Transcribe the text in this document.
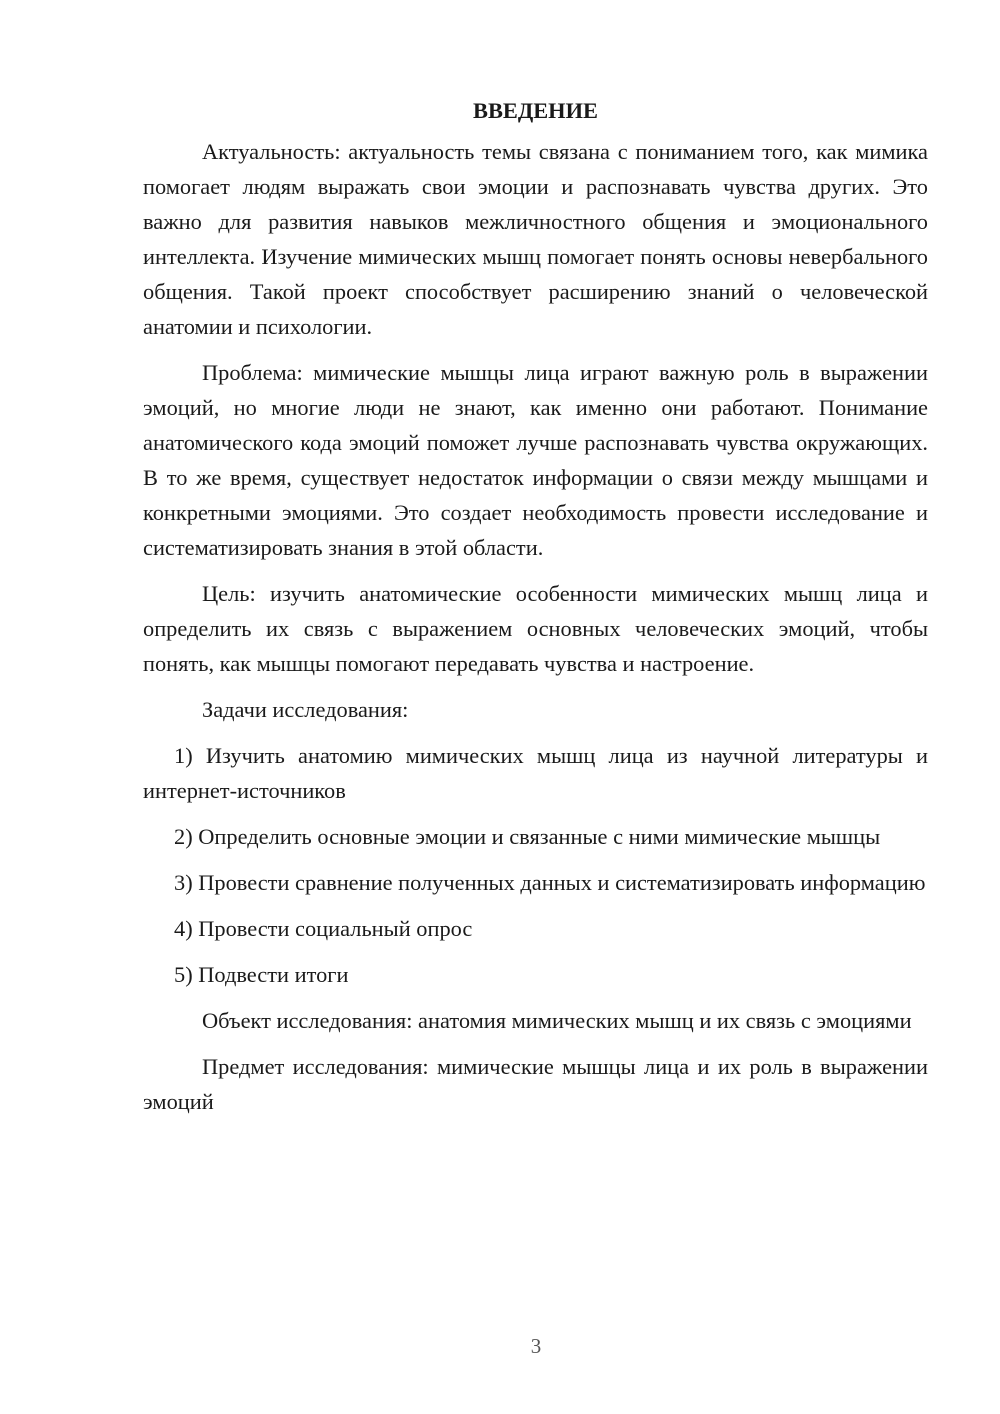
ВВЕДЕНИЕ

Актуальность: актуальность темы связана с пониманием того, как мимика помогает людям выражать свои эмоции и распознавать чувства других. Это важно для развития навыков межличностного общения и эмоционального интеллекта. Изучение мимических мышц помогает понять основы невербального общения. Такой проект способствует расширению знаний о человеческой анатомии и психологии.

Проблема: мимические мышцы лица играют важную роль в выражении эмоций, но многие люди не знают, как именно они работают. Понимание анатомического кода эмоций поможет лучше распознавать чувства окружающих. В то же время, существует недостаток информации о связи между мышцами и конкретными эмоциями. Это создает необходимость провести исследование и систематизировать знания в этой области.

Цель: изучить анатомические особенности мимических мышц лица и определить их связь с выражением основных человеческих эмоций, чтобы понять, как мышцы помогают передавать чувства и настроение.

Задачи исследования:

1) Изучить анатомию мимических мышц лица из научной литературы и интернет-источников

2) Определить основные эмоции и связанные с ними мимические мышцы

3) Провести сравнение полученных данных и систематизировать информацию

4) Провести социальный опрос

5) Подвести итоги

Объект исследования: анатомия мимических мышц и их связь с эмоциями

Предмет исследования: мимические мышцы лица и их роль в выражении эмоций

3
